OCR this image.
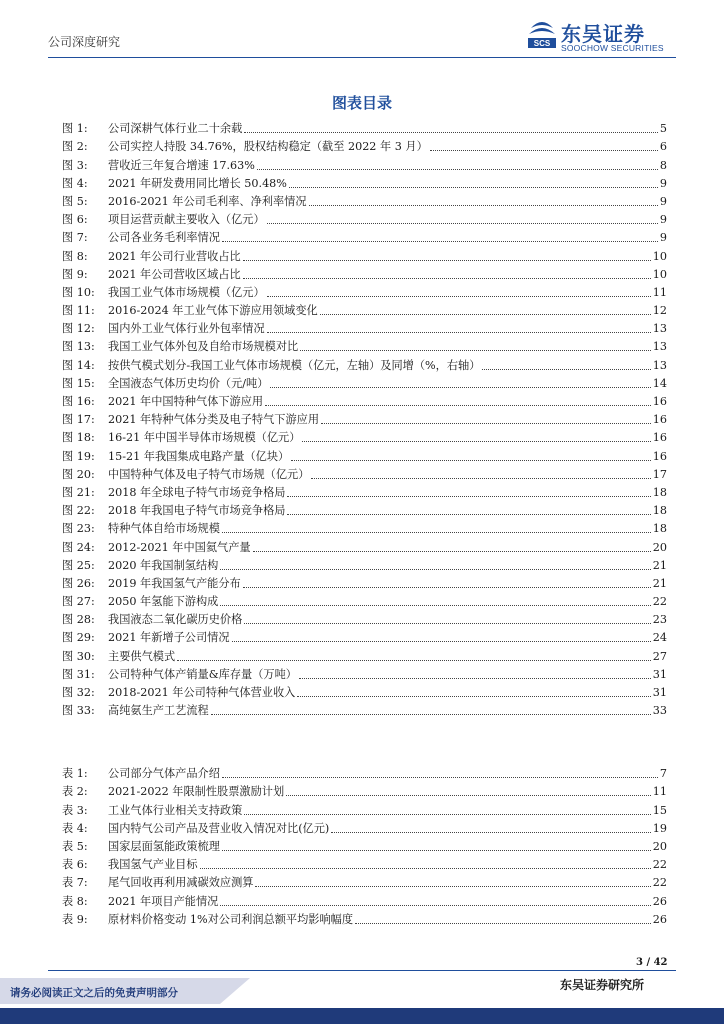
公司深度研究	SCS 东吴证券
SOOCHOW SECURITIES
图表目录
图 1:	公司深耕气体行业二十余载	5
图 2:	公司实控人持股 34.76%，股权结构稳定（截至 2022 年 3 月）	6
图 3:	营收近三年复合增速 17.63%	8
图 4:	2021 年研发费用同比增长 50.48%	9
图 5:	2016-2021 年公司毛利率、净利率情况	9
图 6:	项目运营贡献主要收入（亿元）	9
图 7:	公司各业务毛利率情况	9
图 8:	2021 年公司行业营收占比	10
图 9:	2021 年公司营收区域占比	10
图 10:	我国工业气体市场规模（亿元）	11
图 11:	2016-2024 年工业气体下游应用领域变化	12
图 12:	国内外工业气体行业外包率情况	13
图 13:	我国工业气体外包及自给市场规模对比	13
图 14:	按供气模式划分-我国工业气体市场规模（亿元，左轴）及同增（%，右轴）	13
图 15:	全国液态气体历史均价（元/吨）	14
图 16:	2021 年中国特种气体下游应用	16
图 17:	2021 年特种气体分类及电子特气下游应用	16
图 18:	16-21 年中国半导体市场规模（亿元）	16
图 19:	15-21 年我国集成电路产量（亿块）	16
图 20:	中国特种气体及电子特气市场规（亿元）	17
图 21:	2018 年全球电子特气市场竞争格局	18
图 22:	2018 年我国电子特气市场竞争格局	18
图 23:	特种气体自给市场规模	18
图 24:	2012-2021 年中国氦气产量	20
图 25:	2020 年我国制氢结构	21
图 26:	2019 年我国氢气产能分布	21
图 27:	2050 年氢能下游构成	22
图 28:	我国液态二氧化碳历史价格	23
图 29:	2021 年新增子公司情况	24
图 30:	主要供气模式	27
图 31:	公司特种气体产销量&库存量（万吨）	31
图 32:	2018-2021 年公司特种气体营业收入	31
图 33:	高纯氨生产工艺流程	33
表 1:	公司部分气体产品介绍	7
表 2:	2021-2022 年限制性股票激励计划	11
表 3:	工业气体行业相关支持政策	15
表 4:	国内特气公司产品及营业收入情况对比(亿元)	19
表 5:	国家层面氢能政策梳理	20
表 6:	我国氢气产业目标	22
表 7:	尾气回收再利用减碳效应测算	22
表 8:	2021 年项目产能情况	26
表 9:	原材料价格变动 1%对公司利润总额平均影响幅度	26
3 / 42
请务必阅读正文之后的免责声明部分
东吴证券研究所
